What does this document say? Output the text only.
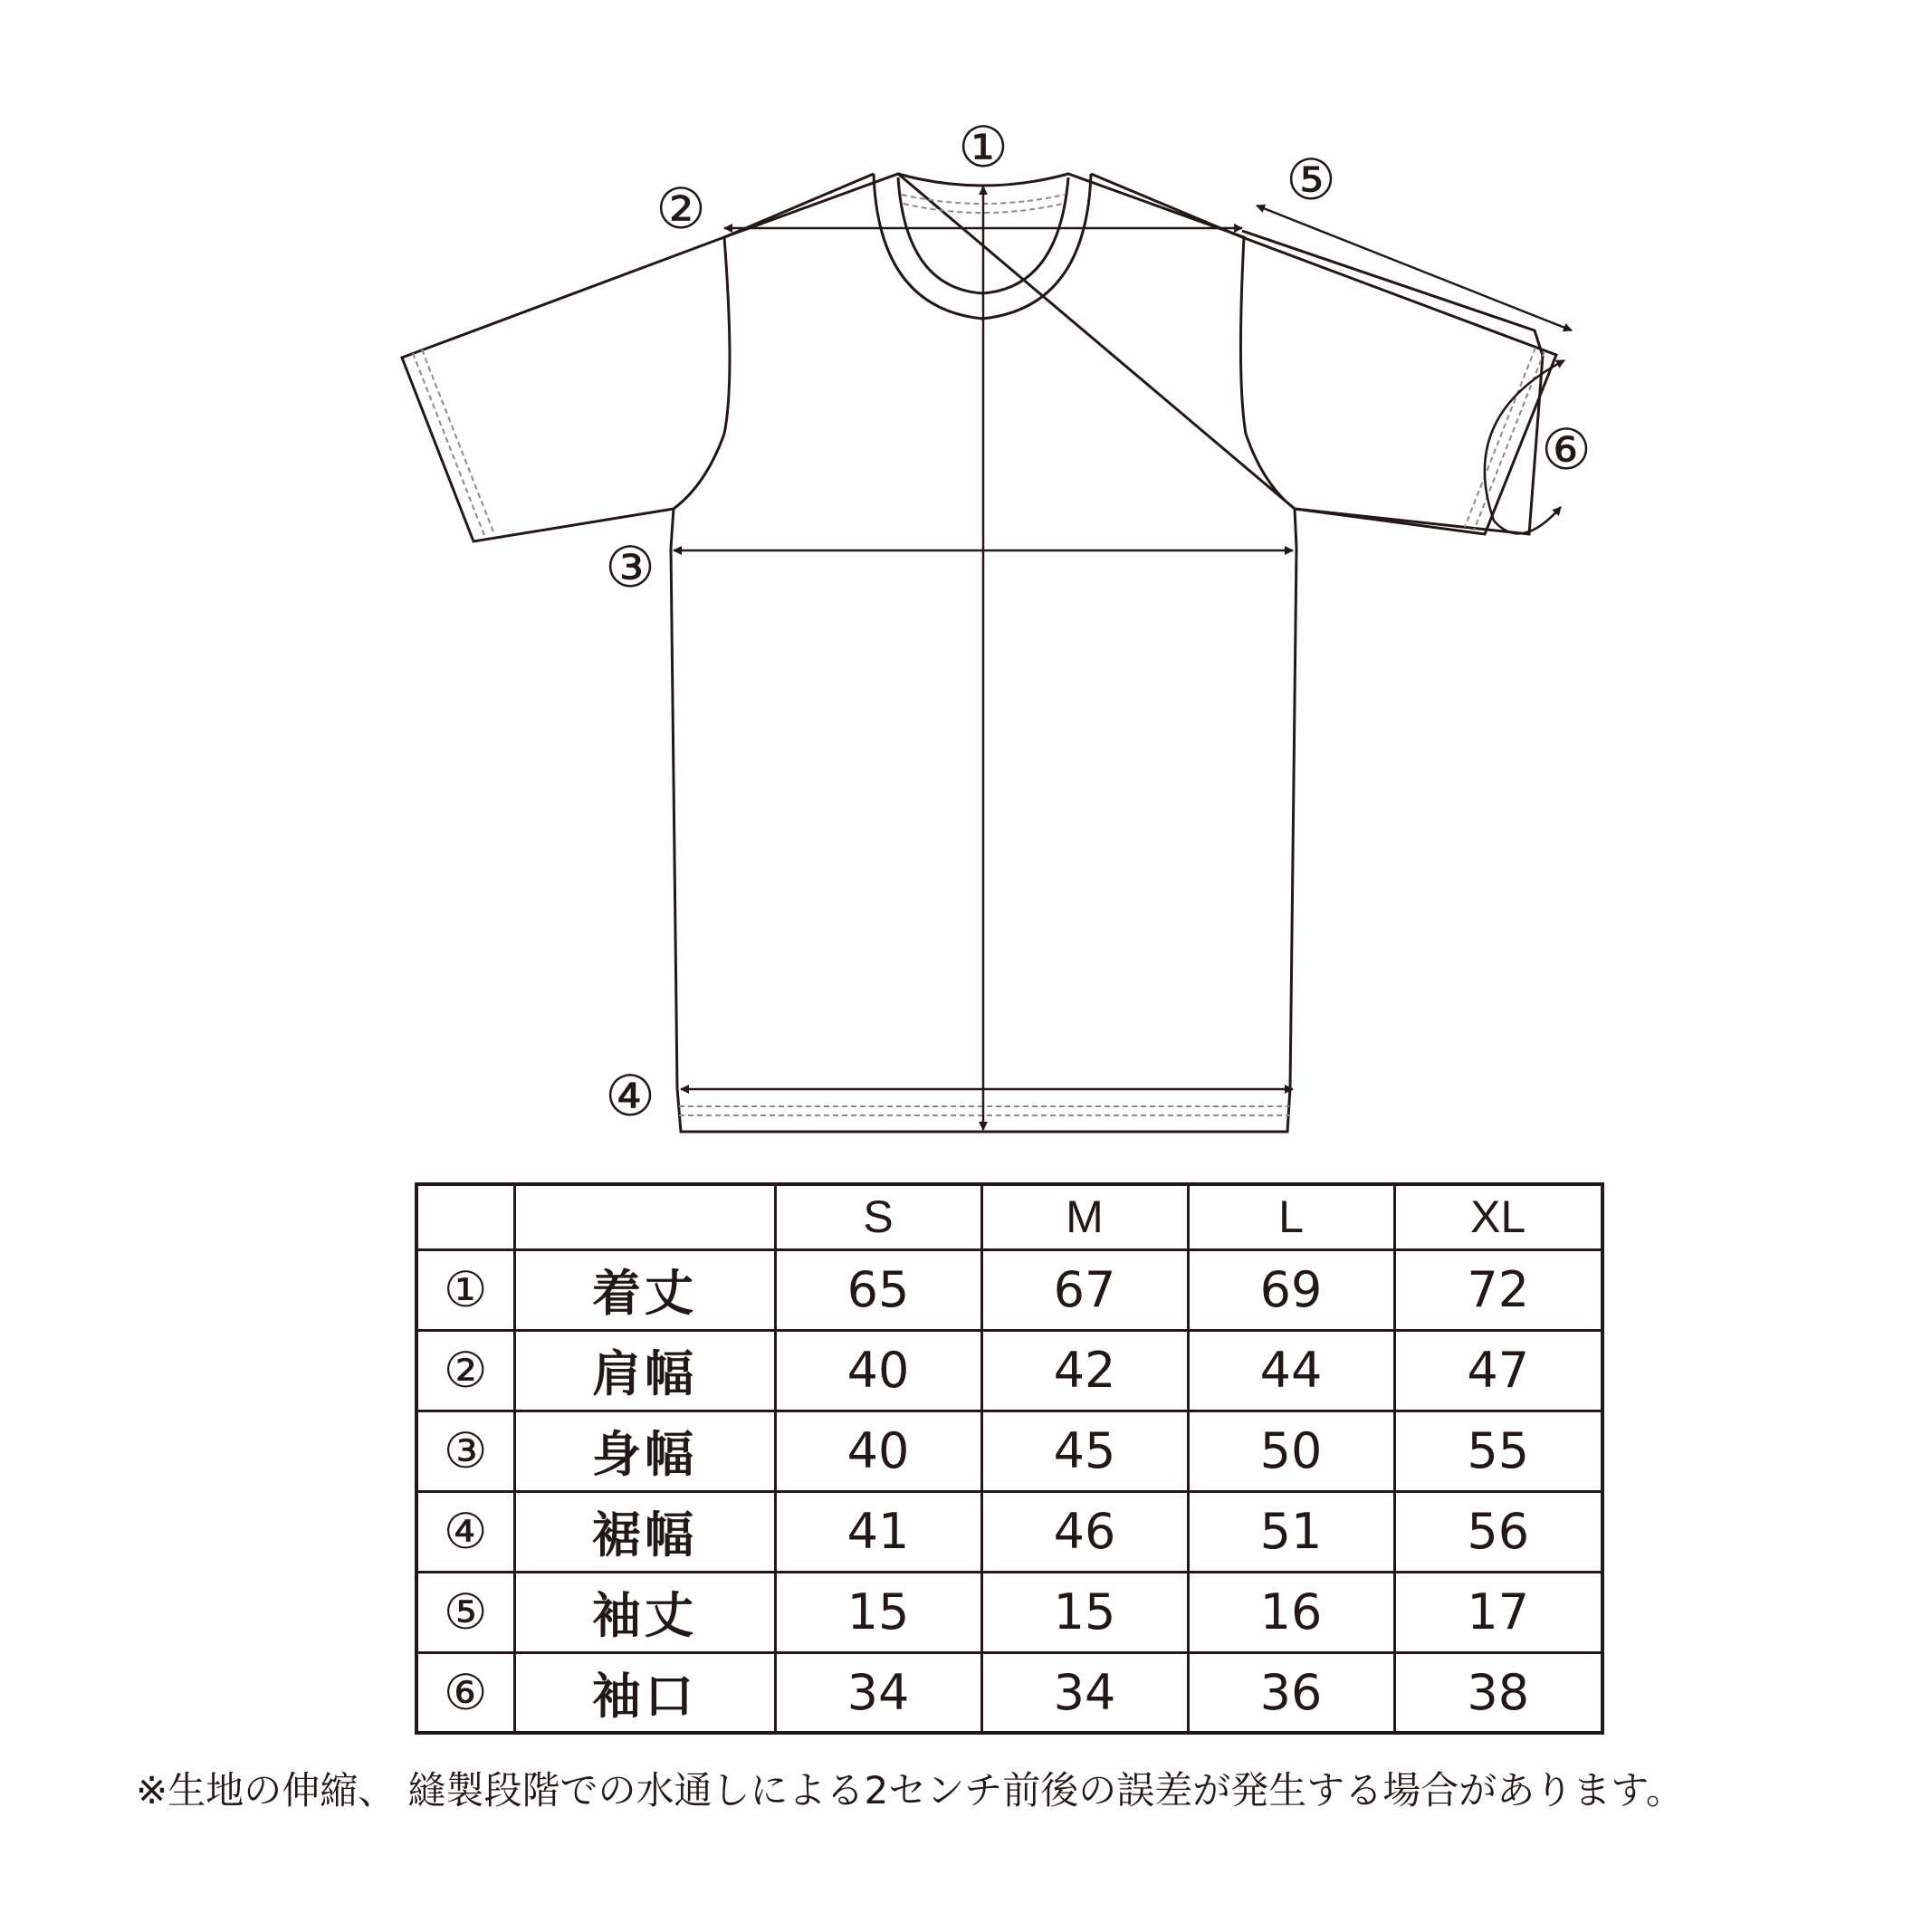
①
②
③
④
⑤
⑥
		S	M	L	XL
①	着丈	65	67	69	72
②	肩幅	40	42	44	47
③	身幅	40	45	50	55
④	裾幅	41	46	51	56
⑤	袖丈	15	15	16	17
⑥	袖口	34	34	36	38
※生地の伸縮、 縫製段階での水通しによる2センチ前後の誤差が発生する場合があります。
